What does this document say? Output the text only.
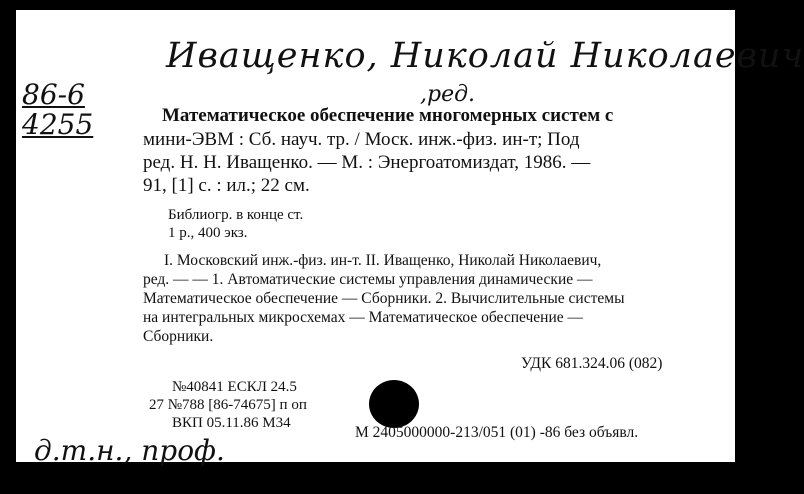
Иващенко, Николай Николаевич
,ред.
86-6
4255	Математическое обеспечение многомерных систем с
мини-ЭВМ : Сб. науч. тр. / Моск. инж.-физ. ин-т; Под
ред. Н. Н. Иващенко. — М. : Энергоатомиздат, 1986. —
91, [1] с. : ил.; 22 см.
Библиогр. в конце ст.
1 р., 400 экз.
I. Московский инж.-физ. ин-т. II. Иващенко, Николай Николаевич,
ред. — — 1. Автоматические системы управления динамические —
Математическое обеспечение — Сборники. 2. Вычислительные системы
на интегральных микросхемах — Математическое обеспечение —
Сборники.
УДК 681.324.06 (082)
№40841 ЕСКЛ 24.5
27 №788 [86-74675] п оп
ВКП 05.11.86 М34
М 2405000000-213/051 (01) -86 без объявл.
д.т.н., проф.
